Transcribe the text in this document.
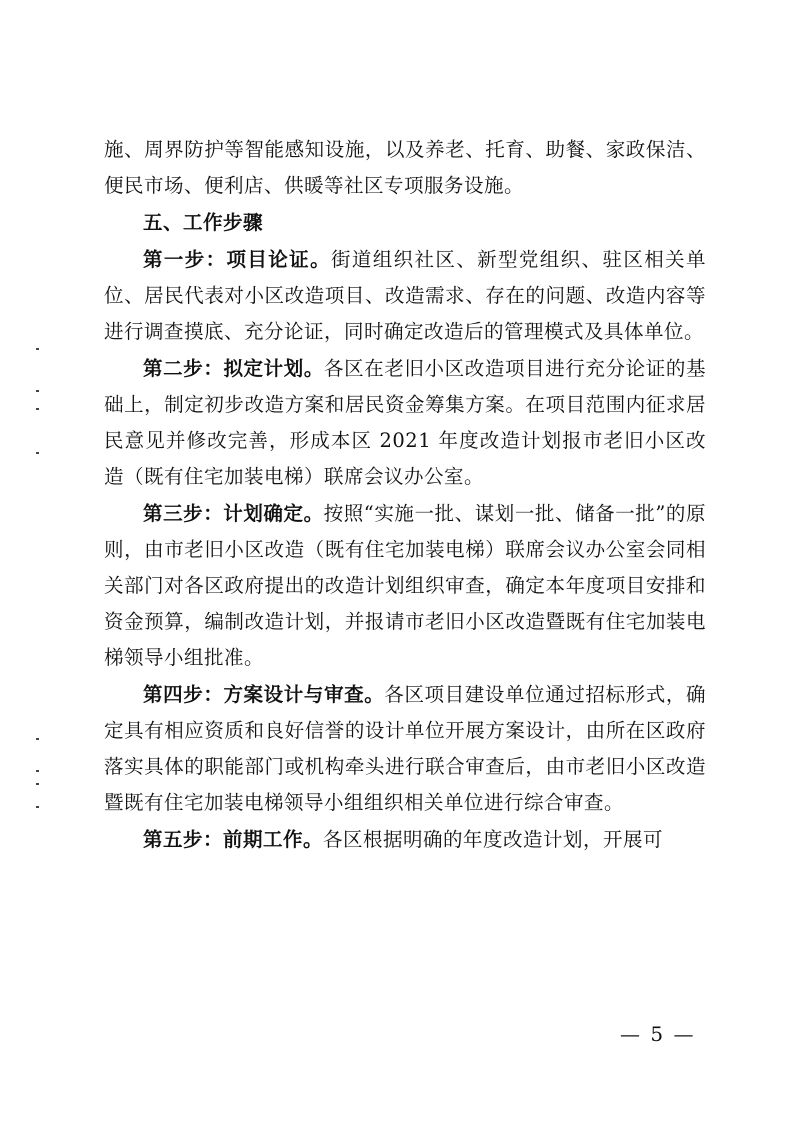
施、周界防护等智能感知设施，以及养老、托育、助餐、家政保洁、便民市场、便利店、供暖等社区专项服务设施。

五、工作步骤

第一步：项目论证。街道组织社区、新型党组织、驻区相关单位、居民代表对小区改造项目、改造需求、存在的问题、改造内容等进行调查摸底、充分论证，同时确定改造后的管理模式及具体单位。

第二步：拟定计划。各区在老旧小区改造项目进行充分论证的基础上，制定初步改造方案和居民资金筹集方案。在项目范围内征求居民意见并修改完善，形成本区 2021 年度改造计划报市老旧小区改造（既有住宅加装电梯）联席会议办公室。

第三步：计划确定。按照“实施一批、谋划一批、储备一批”的原则，由市老旧小区改造（既有住宅加装电梯）联席会议办公室会同相关部门对各区政府提出的改造计划组织审查，确定本年度项目安排和资金预算，编制改造计划，并报请市老旧小区改造暨既有住宅加装电梯领导小组批准。

第四步：方案设计与审查。各区项目建设单位通过招标形式，确定具有相应资质和良好信誉的设计单位开展方案设计，由所在区政府落实具体的职能部门或机构牵头进行联合审查后，由市老旧小区改造暨既有住宅加装电梯领导小组组织相关单位进行综合审查。

第五步：前期工作。各区根据明确的年度改造计划，开展可

— 5 —
